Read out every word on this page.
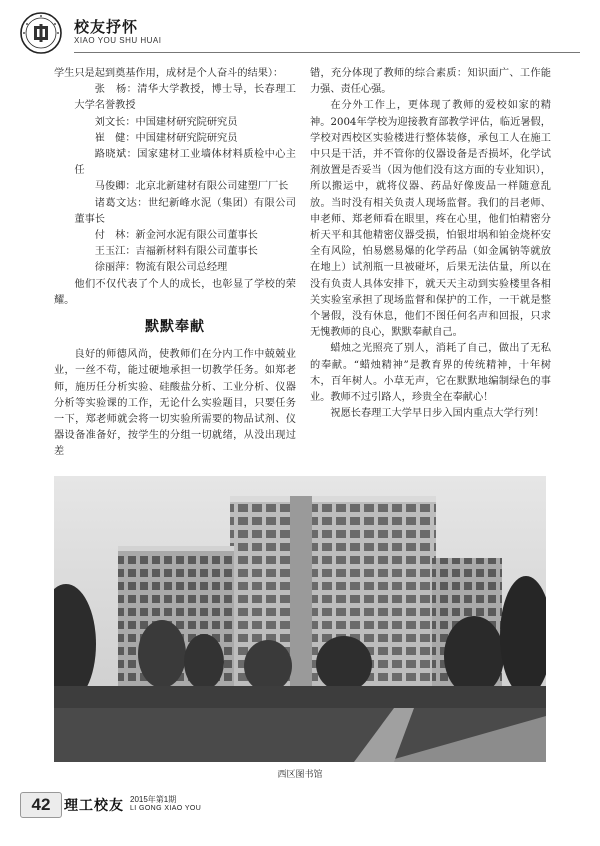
校友抒怀
XIAO YOU SHU HUAI

学生只是起到奠基作用，成材是个人奋斗的结果）：

张　杨：清华大学教授，博士导，长春理工大学名誉教授

刘文长：中国建材研究院研究员

崔　健：中国建材研究院研究员

路晓斌：国家建材工业墙体材料质检中心主任

马俊卿：北京北新建材有限公司建塑厂厂长

诸葛文达：世纪新峰水泥（集团）有限公司董事长

付　林：新金河水泥有限公司董事长

王玉江：吉福新材料有限公司董事长

徐丽萍：物流有限公司总经理

他们不仅代表了个人的成长，也彰显了学校的荣耀。

默默奉献

良好的师德风尚，使教师们在分内工作中兢兢业业，一丝不苟，能过硬地承担一切教学任务。如郑老师，施历任分析实验、硅酸盐分析、工业分析、仪器分析等实验课的工作，无论什么实验题目，只要任务一下，郑老师就会将一切实验所需要的物品试剂、仪器设备准备好，按学生的分组一切就绪，从没出现过差

错，充分体现了教师的综合素质：知识面广、工作能力强、责任心强。

在分外工作上，更体现了教师的爱校如家的精神。2004年学校为迎接教育部教学评估，临近暑假，学校对西校区实验楼进行整体装修，承包工人在施工中只是干活，并不管你的仪器设备是否损坏，化学试剂放置是否妥当（因为他们没有这方面的专业知识），所以搬运中，就将仪器、药品好像废品一样随意乱放。当时没有相关负责人现场监督。我们的吕老师、申老师、郑老师看在眼里，疼在心里，他们怕精密分析天平和其他精密仪器受损，怕银坩埚和铂金烧杯安全有风险，怕易燃易爆的化学药品（如金属钠等就放在地上）试剂瓶一旦被碰坏，后果无法估量，所以在没有负责人具体安排下，就天天主动到实验楼里各相关实验室承担了现场监督和保护的工作，一干就是整个暑假，没有休息，他们不图任何名声和回报，只求无愧教师的良心，默默奉献自己。

蜡烛之光照亮了别人，消耗了自己，做出了无私的奉献。“蜡烛精神”是教育界的传统精神，十年树木，百年树人。小草无声，它在默默地编制绿色的事业。教师不过引路人，珍贵全在奉献心！

祝愿长春理工大学早日步入国内重点大学行列！

西区图书馆
42 理工校友 2015年第1期
LI GONG XIAO YOU
